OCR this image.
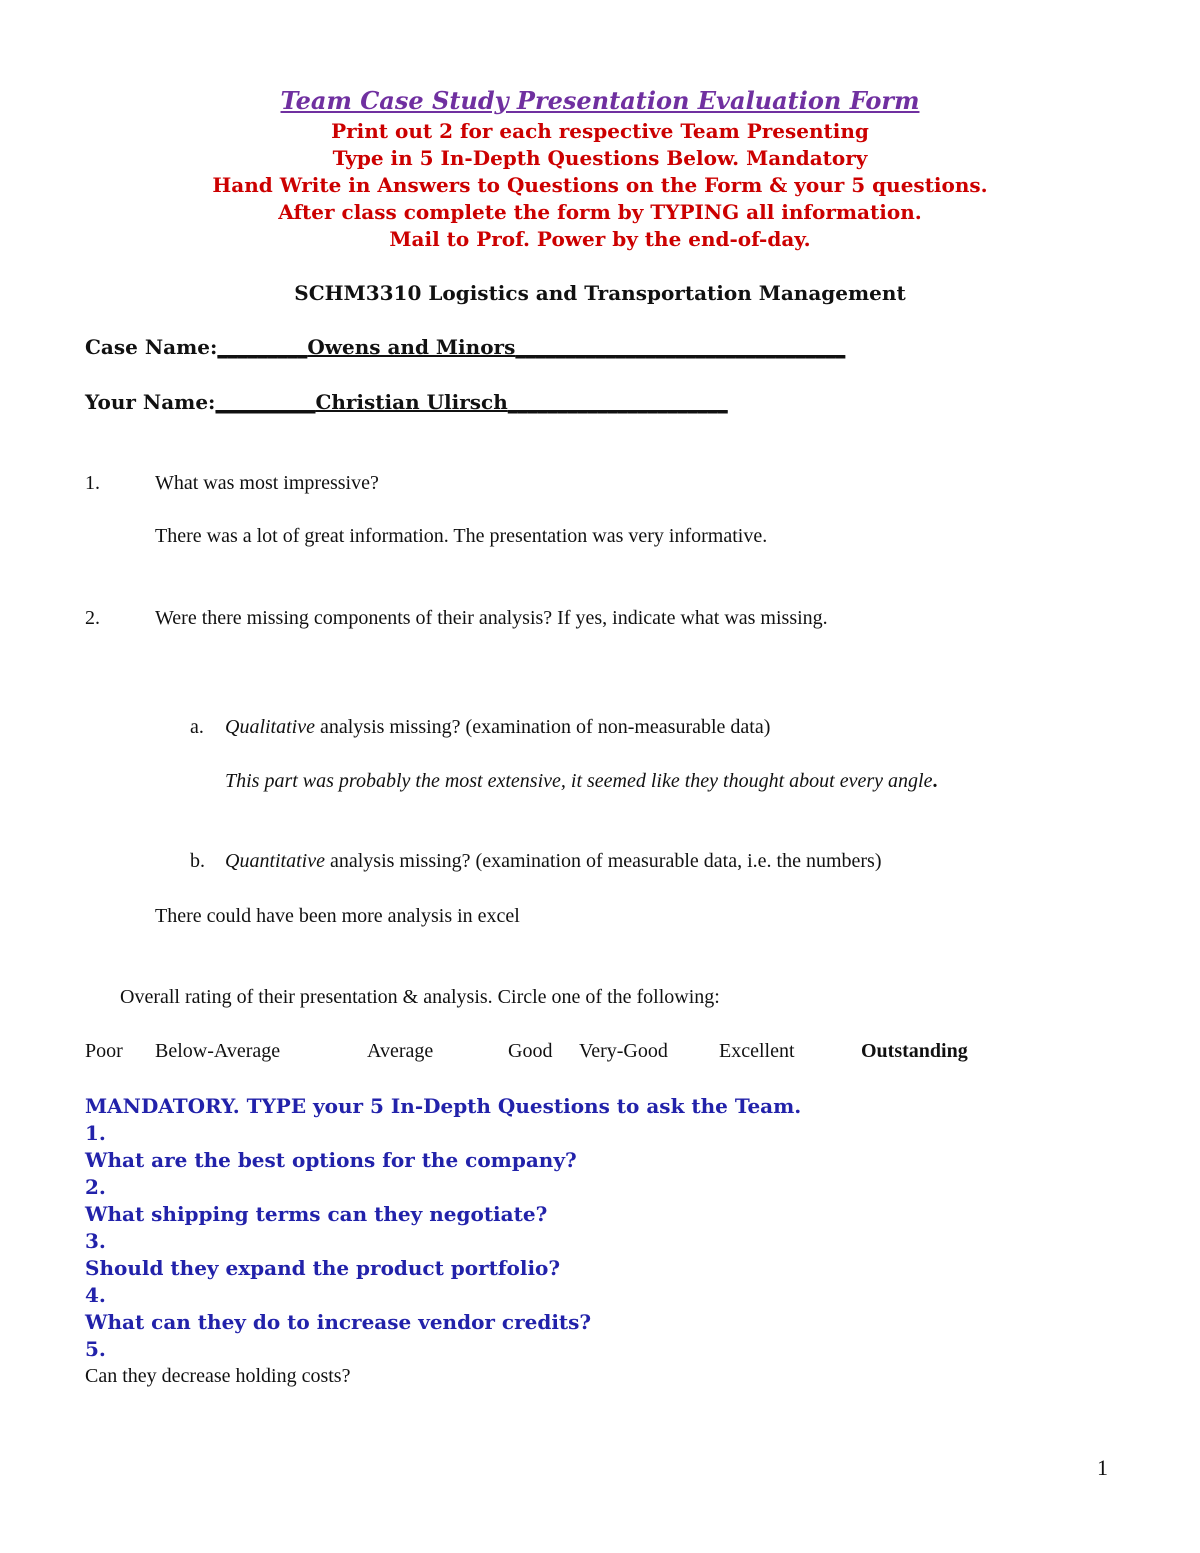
Team Case Study Presentation Evaluation Form
Print out 2 for each respective Team Presenting
Type in 5 In-Depth Questions Below. Mandatory
Hand Write in Answers to Questions on the Form & your 5 questions.
After class complete the form by TYPING all information.
Mail to Prof. Power by the end-of-day.
SCHM3310 Logistics and Transportation Management
Case Name:_________Owens and Minors_________________________________
Your Name:__________Christian Ulirsch______________________
1.	What was most impressive?
There was a lot of great information. The presentation was very informative.
2.	Were there missing components of their analysis? If yes, indicate what was missing.
a. Qualitative analysis missing? (examination of non-measurable data)
This part was probably the most extensive, it seemed like they thought about every angle.
b. Quantitative analysis missing? (examination of measurable data, i.e. the numbers)
There could have been more analysis in excel
Overall rating of their presentation & analysis. Circle one of the following:
Poor Below-Average	Average	Good Very-Good	Excellent	Outstanding
MANDATORY. TYPE your 5 In-Depth Questions to ask the Team.
1.
What are the best options for the company?
2.
What shipping terms can they negotiate?
3.
Should they expand the product portfolio?
4.
What can they do to increase vendor credits?
5.
Can they decrease holding costs?
1
